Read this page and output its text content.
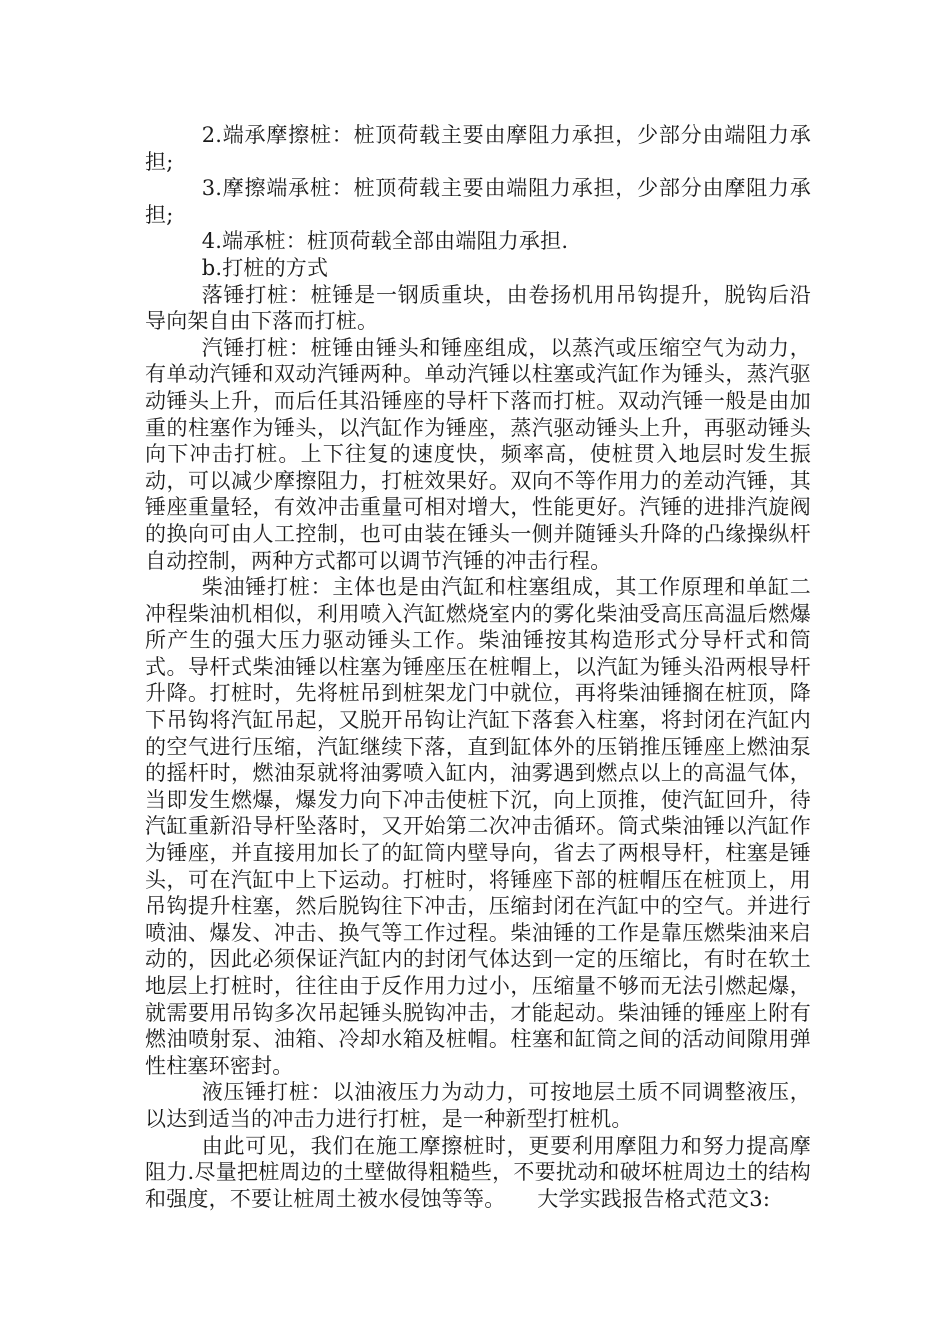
2.端承摩擦桩：桩顶荷载主要由摩阻力承担，少部分由端阻力承担;

3.摩擦端承桩：桩顶荷载主要由端阻力承担，少部分由摩阻力承担;

4.端承桩：桩顶荷载全部由端阻力承担.

b.打桩的方式

落锤打桩：桩锤是一钢质重块，由卷扬机用吊钩提升，脱钩后沿导向架自由下落而打桩。

汽锤打桩：桩锤由锤头和锤座组成，以蒸汽或压缩空气为动力，有单动汽锤和双动汽锤两种。单动汽锤以柱塞或汽缸作为锤头，蒸汽驱动锤头上升，而后任其沿锤座的导杆下落而打桩。双动汽锤一般是由加重的柱塞作为锤头，以汽缸作为锤座，蒸汽驱动锤头上升，再驱动锤头向下冲击打桩。上下往复的速度快，频率高，使桩贯入地层时发生振动，可以减少摩擦阻力，打桩效果好。双向不等作用力的差动汽锤，其锤座重量轻，有效冲击重量可相对增大，性能更好。汽锤的进排汽旋阀的换向可由人工控制，也可由装在锤头一侧并随锤头升降的凸缘操纵杆自动控制，两种方式都可以调节汽锤的冲击行程。

柴油锤打桩：主体也是由汽缸和柱塞组成，其工作原理和单缸二冲程柴油机相似，利用喷入汽缸燃烧室内的雾化柴油受高压高温后燃爆所产生的强大压力驱动锤头工作。柴油锤按其构造形式分导杆式和筒式。导杆式柴油锤以柱塞为锤座压在桩帽上，以汽缸为锤头沿两根导杆升降。打桩时，先将桩吊到桩架龙门中就位，再将柴油锤搁在桩顶，降下吊钩将汽缸吊起，又脱开吊钩让汽缸下落套入柱塞，将封闭在汽缸内的空气进行压缩，汽缸继续下落，直到缸体外的压销推压锤座上燃油泵的摇杆时，燃油泵就将油雾喷入缸内，油雾遇到燃点以上的高温气体，当即发生燃爆，爆发力向下冲击使桩下沉，向上顶推，使汽缸回升，待汽缸重新沿导杆坠落时，又开始第二次冲击循环。筒式柴油锤以汽缸作为锤座，并直接用加长了的缸筒内壁导向，省去了两根导杆，柱塞是锤头，可在汽缸中上下运动。打桩时，将锤座下部的桩帽压在桩顶上，用吊钩提升柱塞，然后脱钩往下冲击，压缩封闭在汽缸中的空气。并进行喷油、爆发、冲击、换气等工作过程。柴油锤的工作是靠压燃柴油来启动的，因此必须保证汽缸内的封闭气体达到一定的压缩比，有时在软土地层上打桩时，往往由于反作用力过小，压缩量不够而无法引燃起爆，就需要用吊钩多次吊起锤头脱钩冲击，才能起动。柴油锤的锤座上附有燃油喷射泵、油箱、冷却水箱及桩帽。柱塞和缸筒之间的活动间隙用弹性柱塞环密封。

液压锤打桩：以油液压力为动力，可按地层土质不同调整液压，以达到适当的冲击力进行打桩，是一种新型打桩机。

由此可见，我们在施工摩擦桩时，更要利用摩阻力和努力提高摩阻力.尽量把桩周边的土壁做得粗糙些，不要扰动和破坏桩周边土的结构和强度，不要让桩周土被水侵蚀等等。　　大学实践报告格式范文3:
